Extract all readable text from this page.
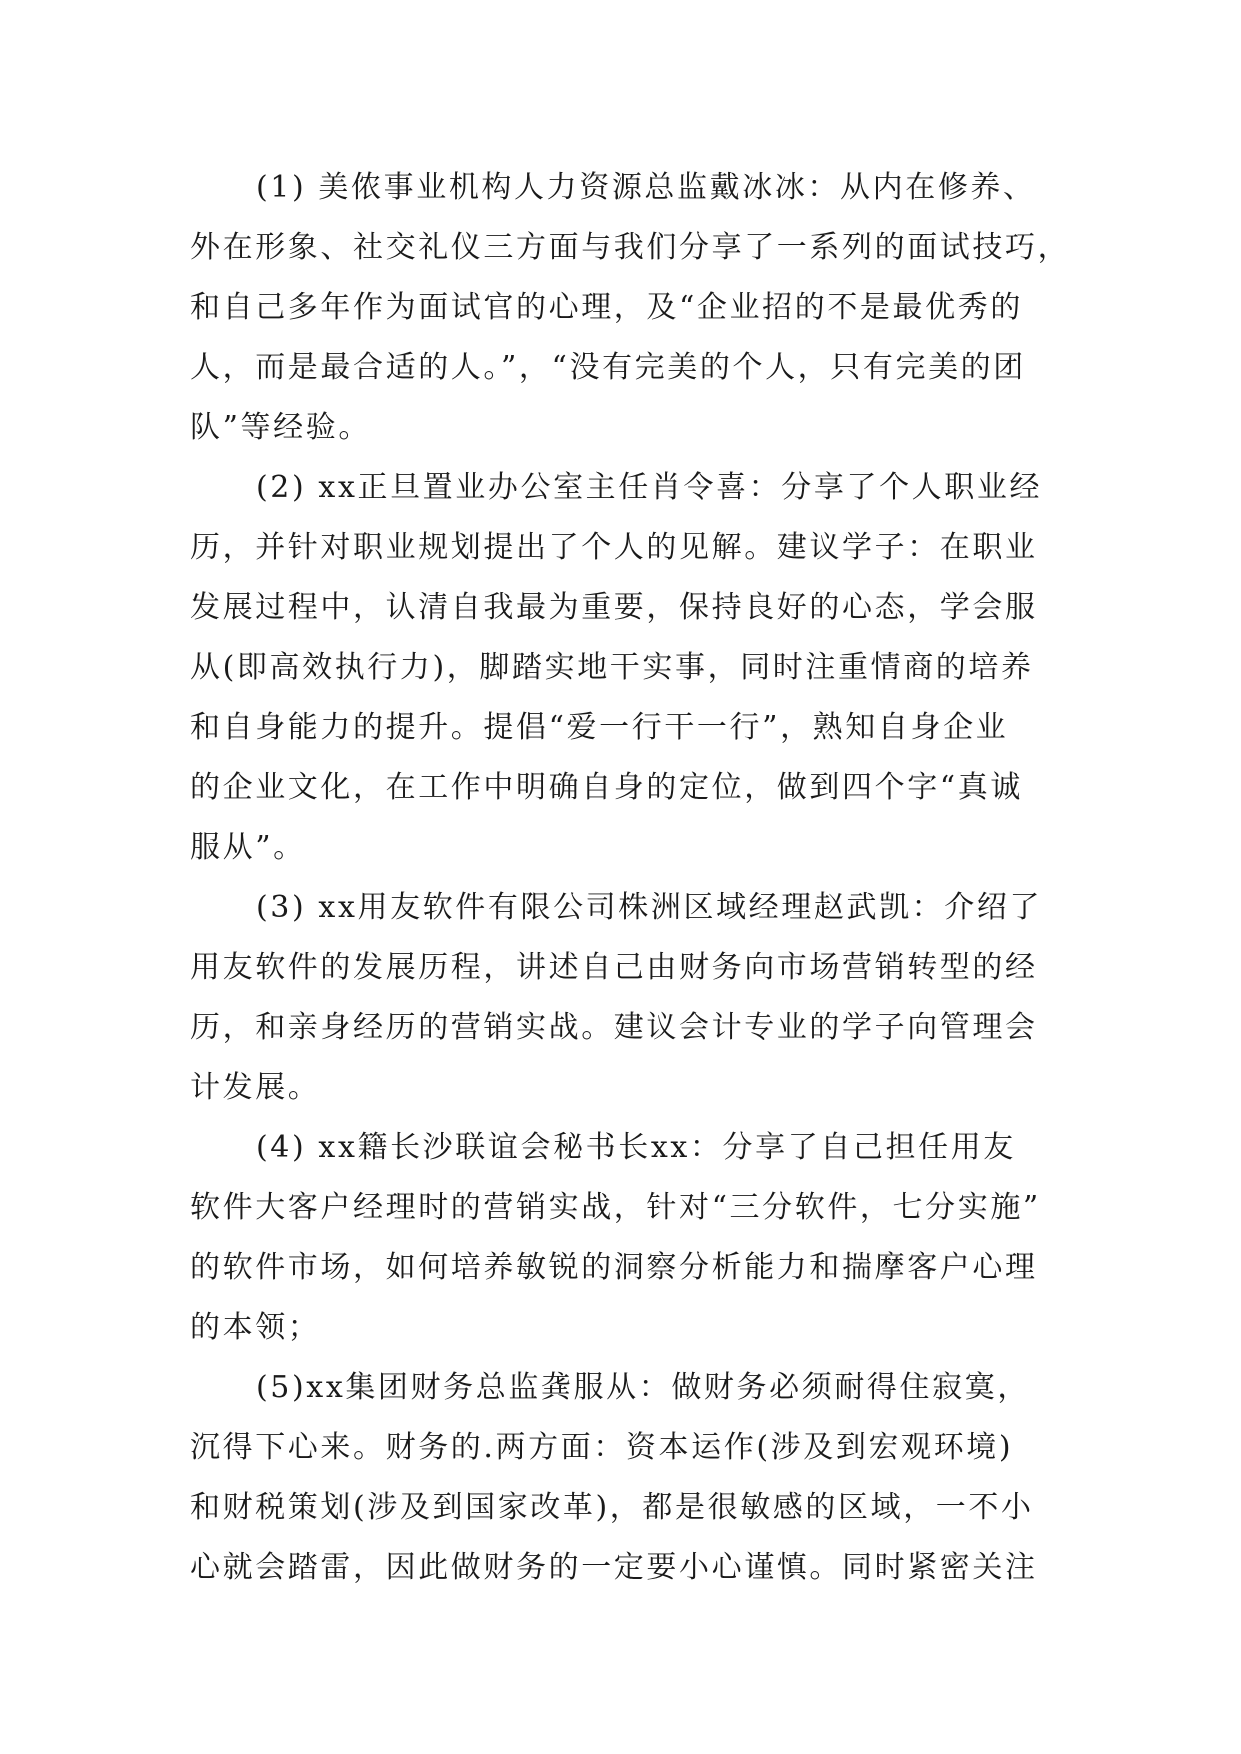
(1) 美侬事业机构人力资源总监戴冰冰：从内在修养、
外在形象、社交礼仪三方面与我们分享了一系列的面试技巧，
和自己多年作为面试官的心理，及“企业招的不是最优秀的
人，而是最合适的人。”，“没有完美的个人，只有完美的团
队”等经验。
(2) xx正旦置业办公室主任肖令喜：分享了个人职业经
历，并针对职业规划提出了个人的见解。建议学子：在职业
发展过程中，认清自我最为重要，保持良好的心态，学会服
从(即高效执行力)，脚踏实地干实事，同时注重情商的培养
和自身能力的提升。提倡“爱一行干一行”，熟知自身企业
的企业文化，在工作中明确自身的定位，做到四个字“真诚
服从”。
(3) xx用友软件有限公司株洲区域经理赵武凯：介绍了
用友软件的发展历程，讲述自己由财务向市场营销转型的经
历，和亲身经历的营销实战。建议会计专业的学子向管理会
计发展。
(4) xx籍长沙联谊会秘书长xx：分享了自己担任用友
软件大客户经理时的营销实战，针对“三分软件，七分实施”
的软件市场，如何培养敏锐的洞察分析能力和揣摩客户心理
的本领；
(5)xx集团财务总监龚服从：做财务必须耐得住寂寞，
沉得下心来。财务的.两方面：资本运作(涉及到宏观环境)
和财税策划(涉及到国家改革)，都是很敏感的区域，一不小
心就会踏雷，因此做财务的一定要小心谨慎。同时紧密关注
